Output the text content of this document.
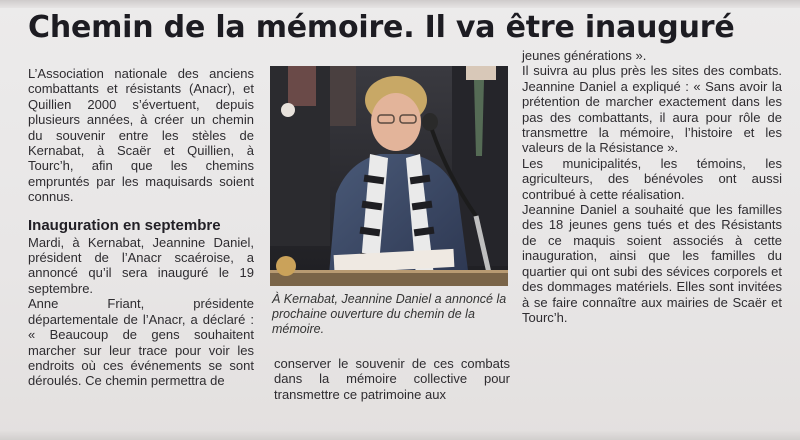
Chemin de la mémoire. Il va être inauguré

L’Association nationale des anciens combattants et résistants (Anacr), et Quillien 2000 s’évertuent, depuis plusieurs années, à créer un chemin du souvenir entre les stèles de Kernabat, à Scaër et Quillien, à Tourc’h, afin que les chemins empruntés par les maquisards soient connus.

Inauguration en septembre

Mardi, à Kernabat, Jeannine Daniel, président de l’Anacr scaéroise, a annoncé qu’il sera inauguré le 19 septembre.

Anne Friant, présidente départementale de l’Anacr, a déclaré : « Beaucoup de gens souhaitent marcher sur leur trace pour voir les endroits où ces événements se sont déroulés. Ce chemin permettra de

À Kernabat, Jeannine Daniel a annoncé la prochaine ouverture du chemin de la mémoire.
conserver le souvenir de ces combats dans la mémoire collective pour transmettre ce patrimoine aux

jeunes générations ».

Il suivra au plus près les sites des combats. Jeannine Daniel a expliqué : « Sans avoir la prétention de marcher exactement dans les pas des combattants, il aura pour rôle de transmettre la mémoire, l’histoire et les valeurs de la Résistance ».

Les municipalités, les témoins, les agriculteurs, des bénévoles ont aussi contribué à cette réalisation.

Jeannine Daniel a souhaité que les familles des 18 jeunes gens tués et des Résistants de ce maquis soient associés à cette inauguration, ainsi que les familles du quartier qui ont subi des sévices corporels et des dommages matériels. Elles sont invitées à se faire connaître aux mairies de Scaër et Tourc’h.
